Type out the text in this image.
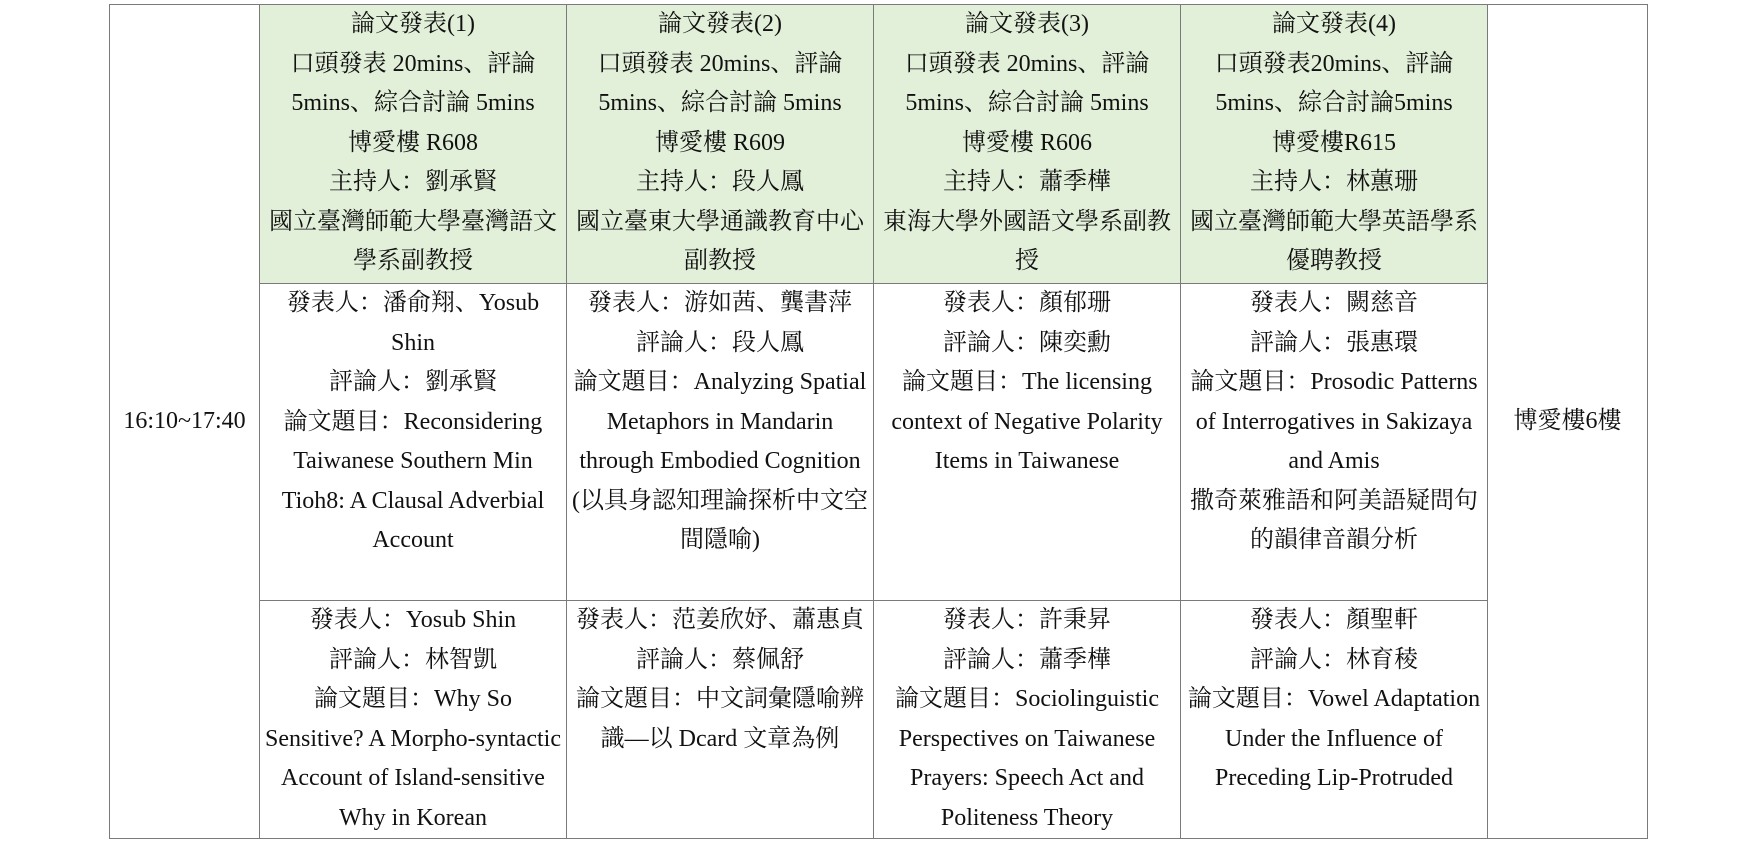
16:10~17:40	論文發表(1)
口頭發表 20mins、評論 5mins、綜合討論 5mins
博愛樓 R608
主持人：劉承賢
國立臺灣師範大學臺灣語文學系副教授	論文發表(2)
口頭發表 20mins、評論 5mins、綜合討論 5mins
博愛樓 R609
主持人：段人鳳
國立臺東大學通識教育中心副教授	論文發表(3)
口頭發表 20mins、評論 5mins、綜合討論 5mins
博愛樓 R606
主持人：蕭季樺
東海大學外國語文學系副教授	論文發表(4)
口頭發表20mins、評論5mins、綜合討論5mins
博愛樓R615
主持人：林蕙珊
國立臺灣師範大學英語學系優聘教授	博愛樓6樓

	發表人：潘俞翔、Yosub Shin
評論人：劉承賢
論文題目：Reconsidering Taiwanese Southern Min Tioh8: A Clausal Adverbial Account	發表人：游如茜、龔書萍
評論人：段人鳳
論文題目：Analyzing Spatial Metaphors in Mandarin through Embodied Cognition (以具身認知理論探析中文空間隱喻)	發表人：顏郁珊
評論人：陳奕勳
論文題目：The licensing context of Negative Polarity Items in Taiwanese	發表人：闕慈音
評論人：張惠環
論文題目：Prosodic Patterns of Interrogatives in Sakizaya and Amis
撒奇萊雅語和阿美語疑問句的韻律音韻分析	

	發表人：Yosub Shin
評論人：林智凱
論文題目：Why So Sensitive? A Morpho-syntactic Account of Island-sensitive Why in Korean	發表人：范姜欣妤、蕭惠貞
評論人：蔡佩舒
論文題目：中文詞彙隱喻辨識—以 Dcard 文章為例	發表人：許秉昇
評論人：蕭季樺
論文題目：Sociolinguistic Perspectives on Taiwanese Prayers: Speech Act and Politeness Theory	發表人：顏聖軒
評論人：林育稜
論文題目：Vowel Adaptation
Under the Influence of Preceding Lip-Protruded	
